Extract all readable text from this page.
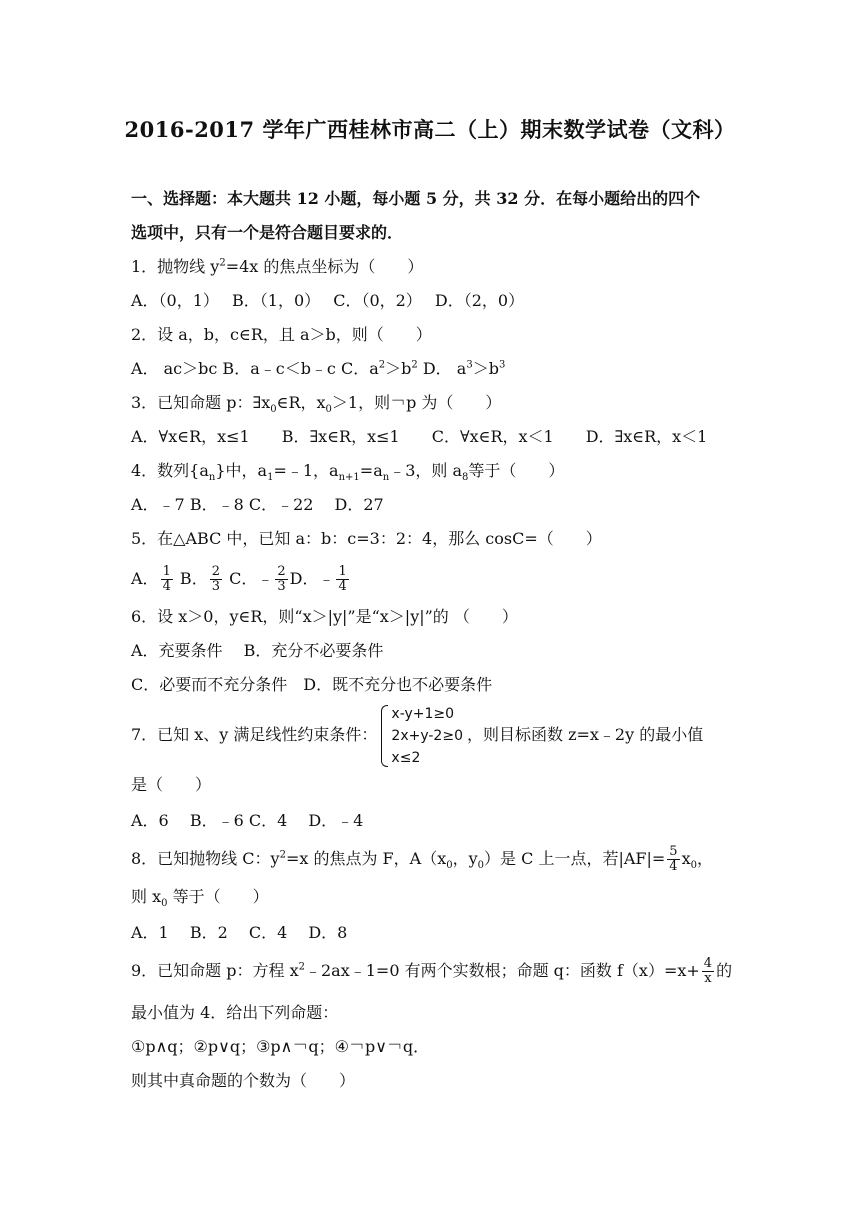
2016-2017 学年广西桂林市高二（上）期末数学试卷（文科）
一、选择题：本大题共 12 小题，每小题 5 分，共 32 分．在每小题给出的四个
选项中，只有一个是符合题目要求的．
1．抛物线 $y^2=4x$ 的焦点坐标为（　　）
A．（0，1）　 B．（1，0）　 C．（0，2）　 D．（2，0）
2．设 a，b，c∈R，且 a＞b，则（　　）
A． ac＞bc B．a﹣c＜b﹣c C．$a^2>b^2$ D． $a^3>b^3$
3．已知命题 p：$\exists x_0\in R$，$x_0>1$，则￢p 为（　　）
A．∀x∈R，x≤1　　B．∃x∈R，x≤1　　C．∀x∈R，x＜1　　D．∃x∈R，x＜1
4．数列$\{a_n\}$中，$a_1=﹣1$，$a_{n+1}=a_n﹣3$，则 $a_8$等于（　　）
A．﹣7 B．﹣8 C．﹣22　 D．27
5．在△ABC 中，已知 a：b：c=3：2：4，那么 cosC=（　　）
A． $\frac{1}{4}$ B． $\frac{2}{3}$ C．﹣ $\frac{2}{3}$ D．﹣ $\frac{1}{4}$
6．设 x＞0，y∈R，则“x＞|y|”是“x＞|y|”的 （　　）
A．充要条件　 B．充分不必要条件
C．必要而不充分条件　D．既不充分也不必要条件
7．已知 x、y 满足线性约束条件：
x-y+1≥0
2x+y-2≥0
x≤2
，则目标函数 z=x﹣2y 的最小值
是（　　）
A．6　 B．﹣6 C．4　 D．﹣4
8．已知抛物线 C：$y^2=x$ 的焦点为 F，$A(x_0$，$y_0$）是 C 上一点，若$|AF|= \frac{5}{4} x_0$，
则 $x_0$ 等于（　　）
A．1　 B．2　 C．4　 D．8
9．已知命题 p：方程 $x^2﹣2ax﹣1=0$ 有两个实数根；命题 q：函数 $f(x)=x+ \frac{4}{x}$ 的
最小值为 4．给出下列命题：
①p∧q；②p∨q；③p∧￢q；④￢p∨￢q．
则其中真命题的个数为（　　）
